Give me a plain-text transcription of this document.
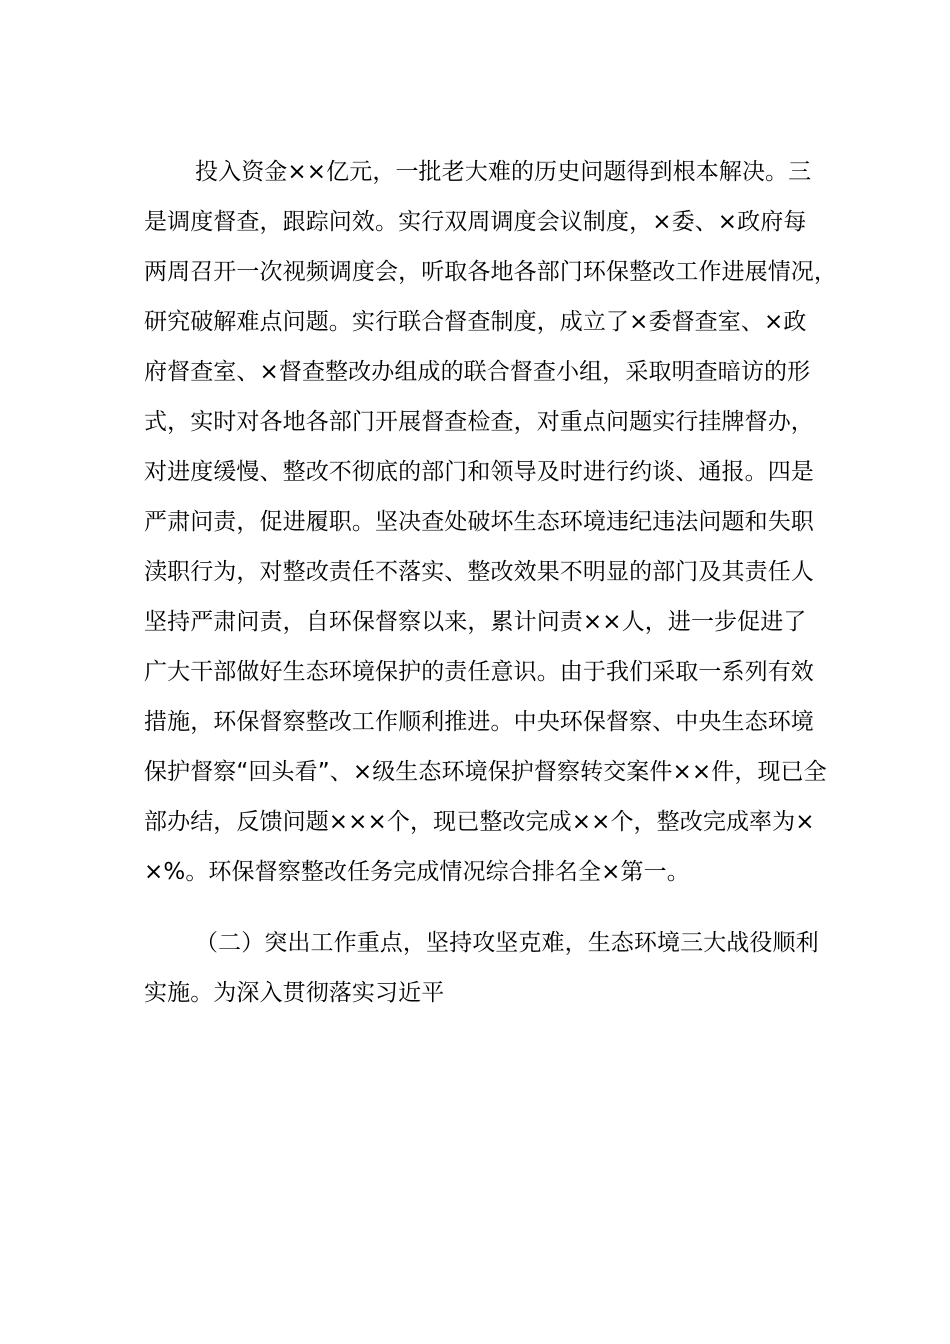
投入资金××亿元，一批老大难的历史问题得到根本解决。三

是调度督查，跟踪问效。实行双周调度会议制度，×委、×政府每

两周召开一次视频调度会，听取各地各部门环保整改工作进展情况，

研究破解难点问题。实行联合督查制度，成立了×委督查室、×政

府督查室、×督查整改办组成的联合督查小组，采取明查暗访的形

式，实时对各地各部门开展督查检查，对重点问题实行挂牌督办，

对进度缓慢、整改不彻底的部门和领导及时进行约谈、通报。四是

严肃问责，促进履职。坚决查处破坏生态环境违纪违法问题和失职

渎职行为，对整改责任不落实、整改效果不明显的部门及其责任人

坚持严肃问责，自环保督察以来，累计问责××人，进一步促进了

广大干部做好生态环境保护的责任意识。由于我们采取一系列有效

措施，环保督察整改工作顺利推进。中央环保督察、中央生态环境

保护督察“回头看”、×级生态环境保护督察转交案件××件，现已全

部办结，反馈问题×××个，现已整改完成××个，整改完成率为×

×%。环保督察整改任务完成情况综合排名全×第一。

（二）突出工作重点，坚持攻坚克难，生态环境三大战役顺利

实施。为深入贯彻落实习近平
